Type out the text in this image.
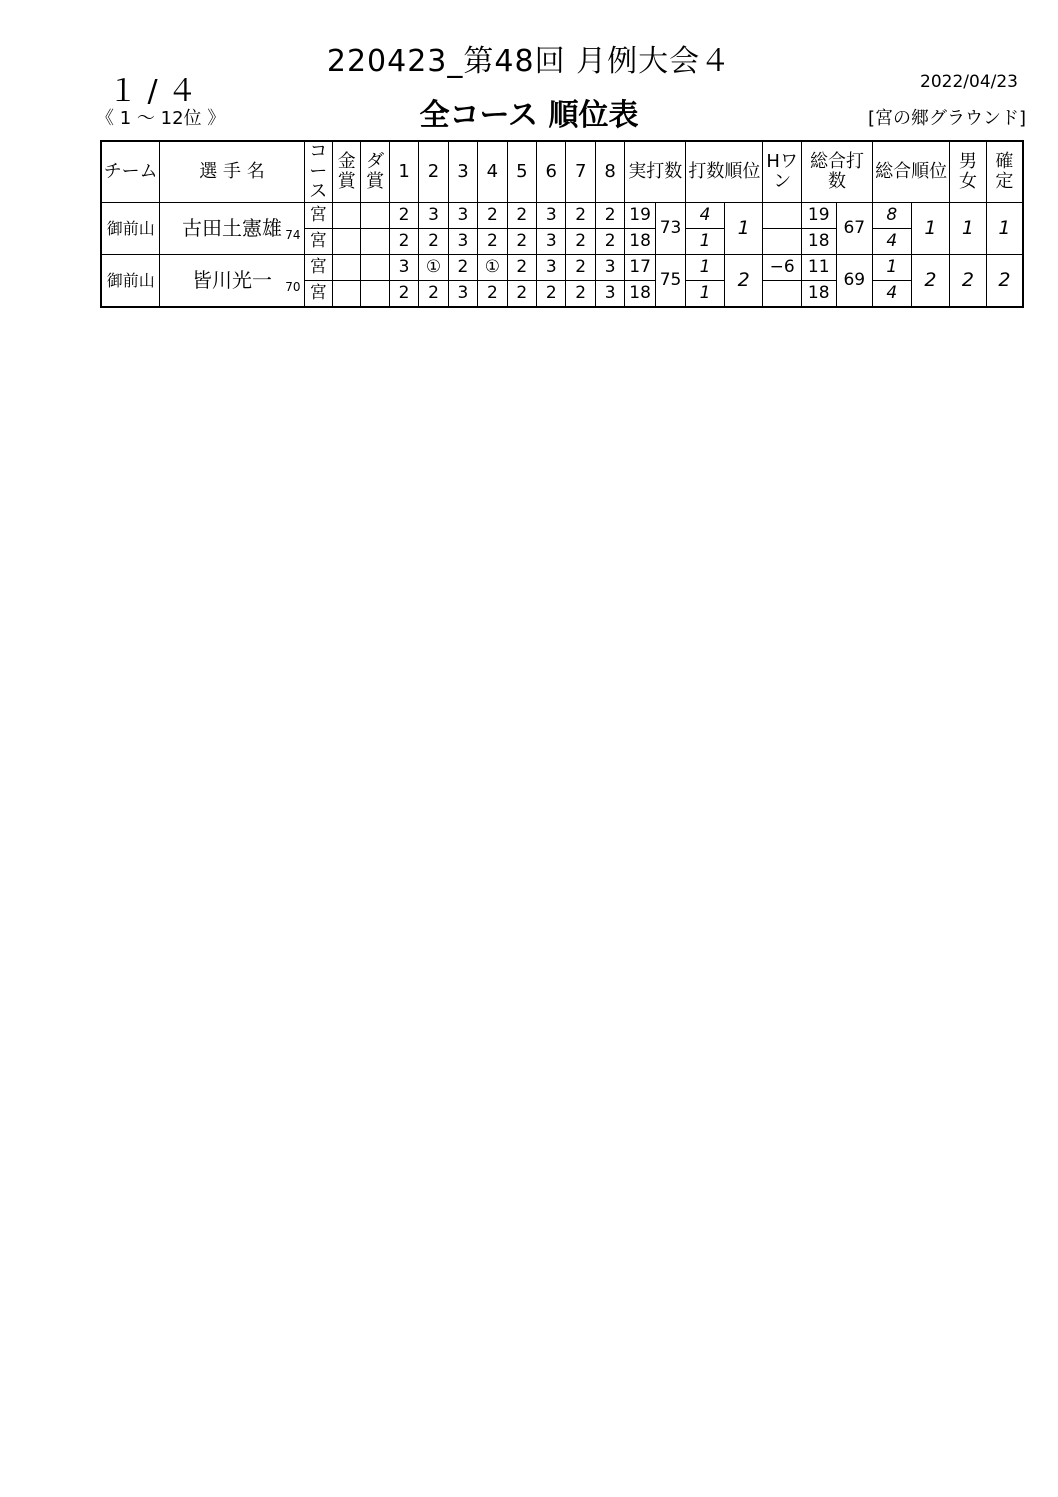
220423_第48回 月例大会４
１ / ４
《 1 ～ 12位 》
2022/04/23
全コース 順位表	[宮の郷グラウンド]
チーム	選 手 名	コース	金賞	ダ賞	1	2	3	4	5	6	7	8	実打数		打数順位		Hワン	総合打数		総合順位		男女	確定
御前山	古田土憲雄 74	宮			2	3	3	2	2	3	2	2	19	73	4	1		19	67	8	1	1	1
		宮			2	2	3	2	2	3	2	2	18		1			18		4			
御前山	皆川光一 70	宮			3	①	2	①	2	3	2	3	17	75	1	2	−6	11	69	1	2	2	2
		宮			2	2	3	2	2	2	2	3	18		1			18		4			
